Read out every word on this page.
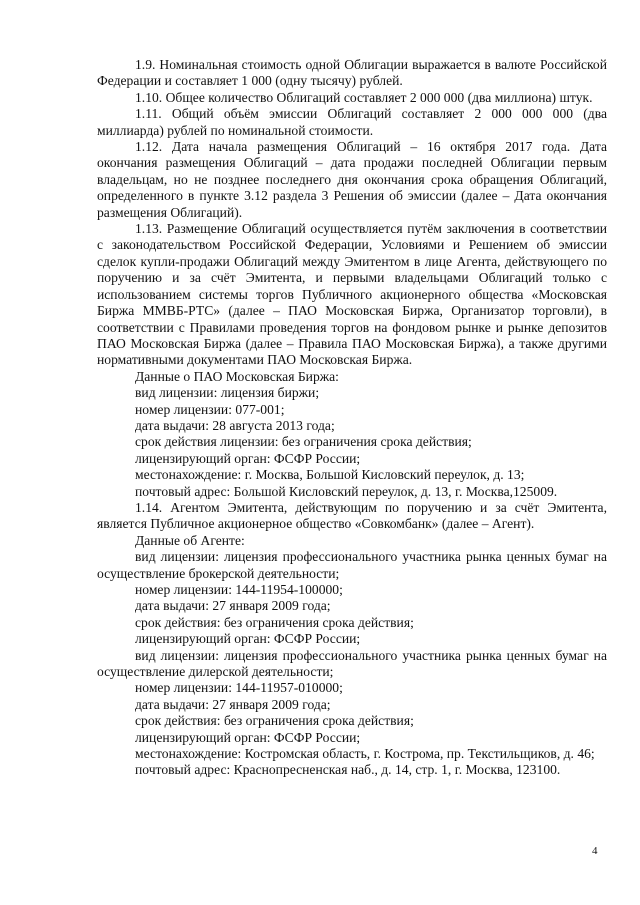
1.9. Номинальная стоимость одной Облигации выражается в валюте Российской Федерации и составляет 1 000 (одну тысячу) рублей.

1.10. Общее количество Облигаций составляет 2 000 000 (два миллиона) штук.

1.11. Общий объём эмиссии Облигаций составляет 2 000 000 000 (два миллиарда) рублей по номинальной стоимости.

1.12. Дата начала размещения Облигаций – 16 октября 2017 года. Дата окончания размещения Облигаций – дата продажи последней Облигации первым владельцам, но не позднее последнего дня окончания срока обращения Облигаций, определенного в пункте 3.12 раздела 3 Решения об эмиссии (далее – Дата окончания размещения Облигаций).

1.13. Размещение Облигаций осуществляется путём заключения в соответствии с законодательством Российской Федерации, Условиями и Решением об эмиссии сделок купли-продажи Облигаций между Эмитентом в лице Агента, действующего по поручению и за счёт Эмитента, и первыми владельцами Облигаций только с использованием системы торгов Публичного акционерного общества «Московская Биржа ММВБ-РТС» (далее – ПАО Московская Биржа, Организатор торговли), в соответствии с Правилами проведения торгов на фондовом рынке и рынке депозитов ПАО Московская Биржа (далее – Правила ПАО Московская Биржа), а также другими нормативными документами ПАО Московская Биржа.

Данные о ПАО Московская Биржа:

вид лицензии: лицензия биржи;

номер лицензии: 077-001;

дата выдачи: 28 августа 2013 года;

срок действия лицензии: без ограничения срока действия;

лицензирующий орган: ФСФР России;

местонахождение: г. Москва, Большой Кисловский переулок, д. 13;

почтовый адрес: Большой Кисловский переулок, д. 13, г. Москва,125009.

1.14. Агентом Эмитента, действующим по поручению и за счёт Эмитента, является Публичное акционерное общество «Совкомбанк» (далее – Агент).

Данные об Агенте:

вид лицензии: лицензия профессионального участника рынка ценных бумаг на осуществление брокерской деятельности;

номер лицензии: 144-11954-100000;

дата выдачи: 27 января 2009 года;

срок действия: без ограничения срока действия;

лицензирующий орган: ФСФР России;

вид лицензии: лицензия профессионального участника рынка ценных бумаг на осуществление дилерской деятельности;

номер лицензии: 144-11957-010000;

дата выдачи: 27 января 2009 года;

срок действия: без ограничения срока действия;

лицензирующий орган: ФСФР России;

местонахождение: Костромская область, г. Кострома, пр. Текстильщиков, д. 46;

почтовый адрес: Краснопресненская наб., д. 14, стр. 1, г. Москва, 123100.

4
